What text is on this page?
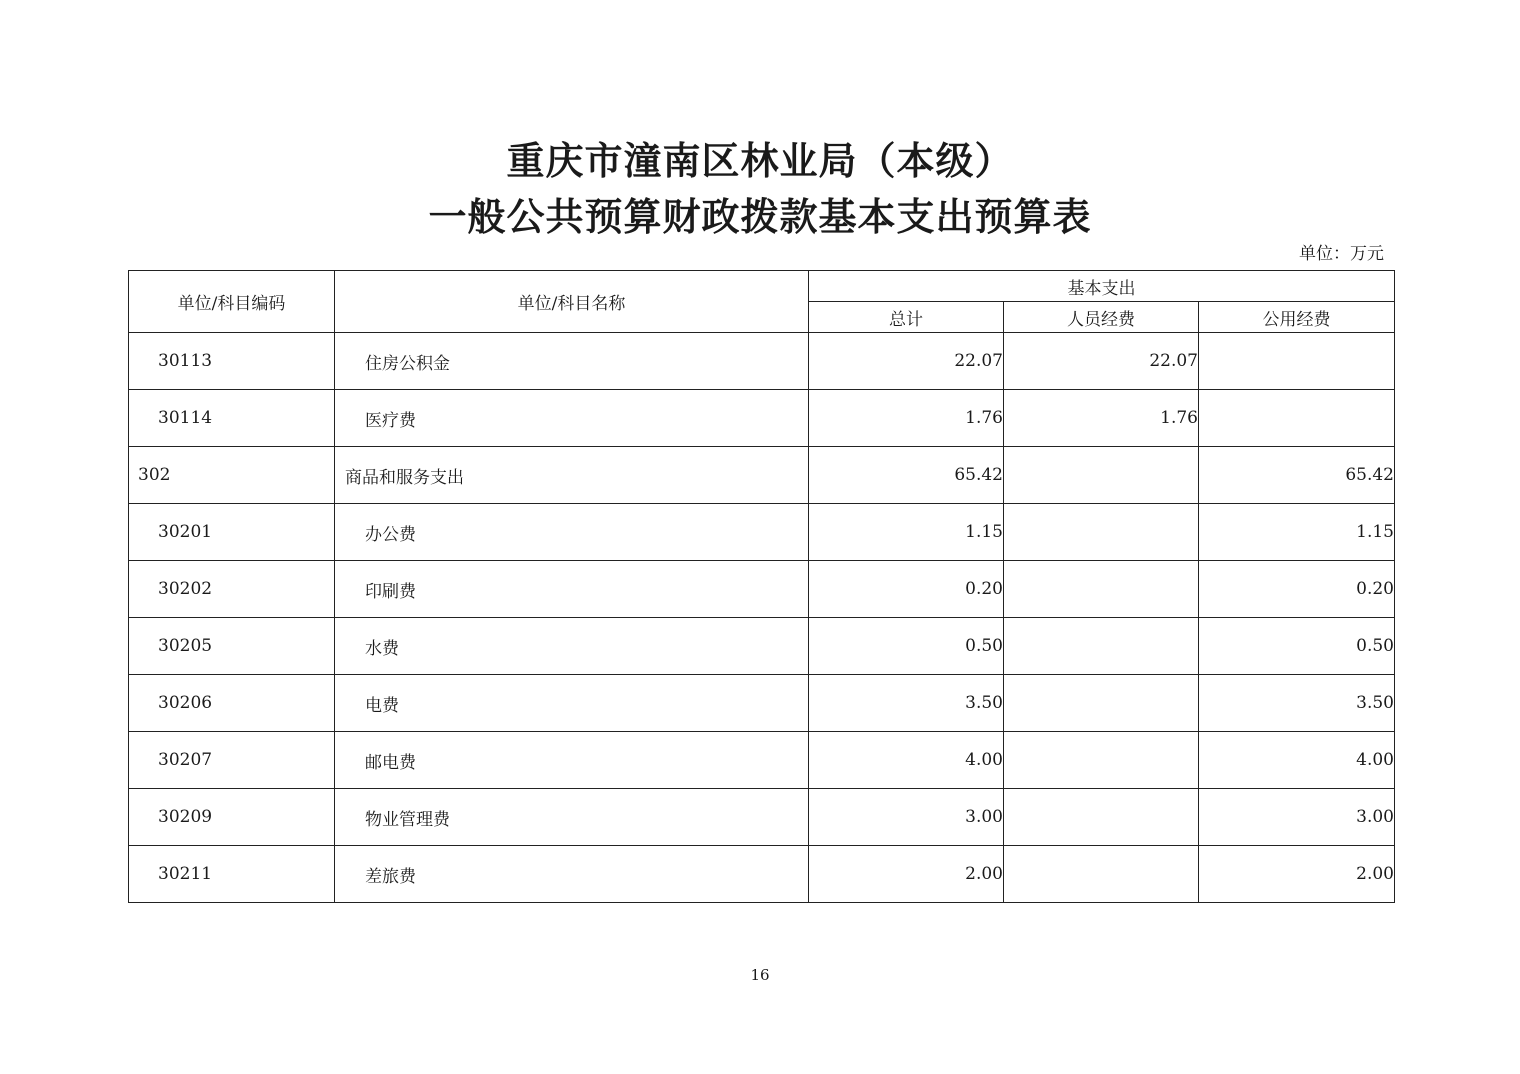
重庆市潼南区林业局（本级）
一般公共预算财政拨款基本支出预算表
单位：万元
单位/科目编码	单位/科目名称	基本支出		
		总计	人员经费	公用经费
30113	住房公积金	22.07	22.07	
30114	医疗费	1.76	1.76	
302	商品和服务支出	65.42		65.42
30201	办公费	1.15		1.15
30202	印刷费	0.20		0.20
30205	水费	0.50		0.50
30206	电费	3.50		3.50
30207	邮电费	4.00		4.00
30209	物业管理费	3.00		3.00
30211	差旅费	2.00		2.00
16
